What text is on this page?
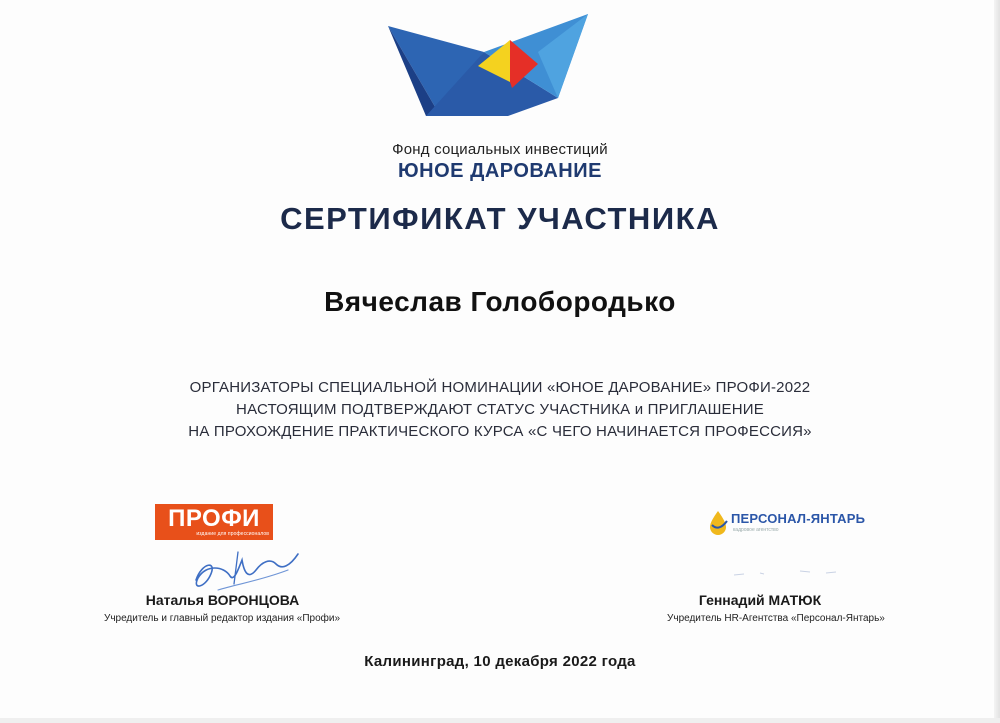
Фонд социальных инвестиций
ЮНОЕ ДАРОВАНИЕ
СЕРТИФИКАТ УЧАСТНИКА
Вячеслав Голобородько
ОРГАНИЗАТОРЫ СПЕЦИАЛЬНОЙ НОМИНАЦИИ «ЮНОЕ ДАРОВАНИЕ» ПРОФИ-2022
НАСТОЯЩИМ ПОДТВЕРЖДАЮТ СТАТУС УЧАСТНИКА и ПРИГЛАШЕНИЕ
НА ПРОХОЖДЕНИЕ ПРАКТИЧЕСКОГО КУРСА «С ЧЕГО НАЧИНАЕТСЯ ПРОФЕССИЯ»
ПРОФИ
издание для профессионалов
ПЕРСОНАЛ-ЯНТАРЬ
кадровое агентство
Наталья ВОРОНЦОВА
Учредитель и главный редактор издания «Профи»
Геннадий МАТЮК
Учредитель HR-Агентства «Персонал-Янтарь»
Калининград, 10 декабря 2022 года
